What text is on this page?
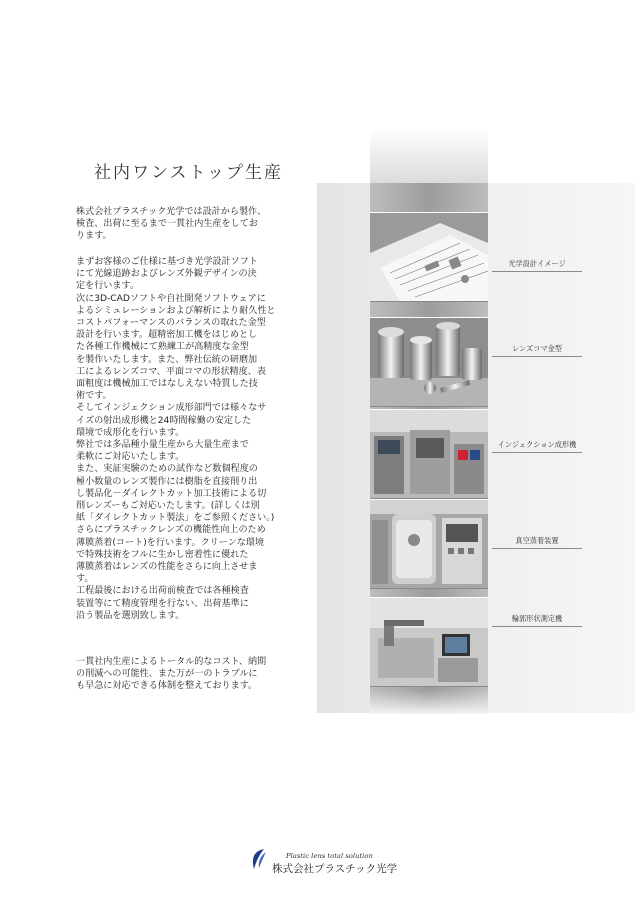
社内ワンストップ生産

株式会社プラスチック光学では設計から製作、
検査、出荷に至るまで一貫社内生産をしてお
ります。

まずお客様のご仕様に基づき光学設計ソフト
にて光線追跡およびレンズ外観デザインの決
定を行います。
次に3D-CADソフトや自社開発ソフトウェアに
よるシミュレーションおよび解析により耐久性と
コストパフォーマンスのバランスの取れた金型
設計を行います。超精密加工機をはじめとし
た各種工作機械にて熟練工が高精度な金型
を製作いたします。また、弊社伝統の研磨加
工によるレンズコマ、平面コマの形状精度、表
面粗度は機械加工ではなしえない特質した技
術です。
そしてインジェクション成形部門では様々なサ
イズの射出成形機と24時間稼働の安定した
環境で成形化を行います。
弊社では多品種小量生産から大量生産まで
柔軟にご対応いたします。
また、実証実験のための試作など数個程度の
極小数量のレンズ製作には樹脂を直接削り出
し製品化－ダイレクトカット加工技術による切
削レンズーもご対応いたします。(詳しくは別
紙「ダイレクトカット製法」をご参照ください。)
さらにプラスチックレンズの機能性向上のため
薄膜蒸着(コート)を行います。クリーンな環境
で特殊技術をフルに生かし密着性に優れた
薄膜蒸着はレンズの性能をさらに向上させま
す。
工程最後における出荷前検査では各種検査
装置等にて精度管理を行ない、出荷基準に
沿う製品を選別致します。

一貫社内生産によるトータル的なコスト、納期
の削減への可能性、また万が一のトラブルに
も早急に対応できる体制を整えております。

光学設計イメージ
レンズコマ金型
インジェクション成形機
真空蒸着装置
輪郭形状測定機
Plastic lens total solution
株式会社プラスチック光学
